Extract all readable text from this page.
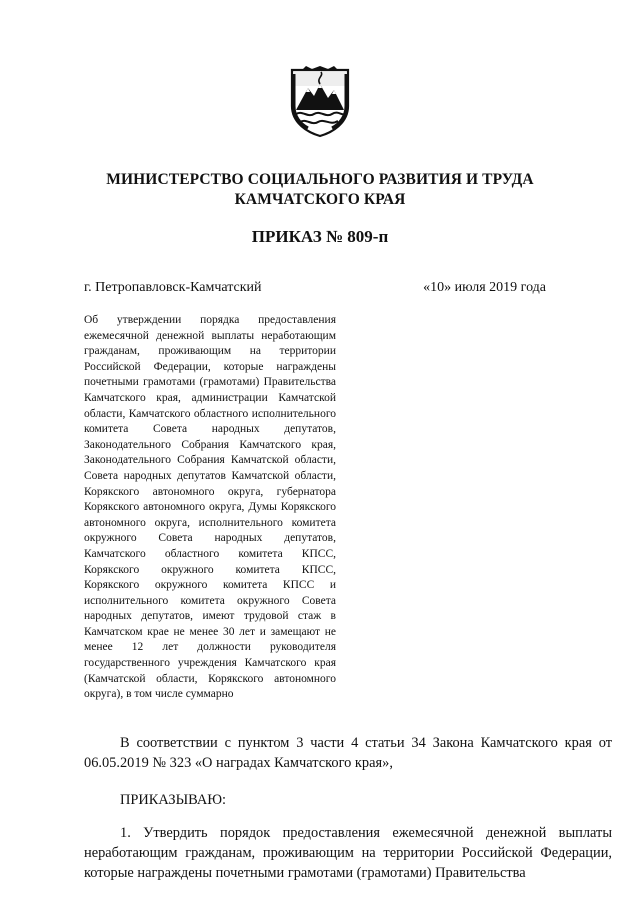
МИНИСТЕРСТВО СОЦИАЛЬНОГО РАЗВИТИЯ И ТРУДА
КАМЧАТСКОГО КРАЯ
ПРИКАЗ № 809-п
г. Петропавловск-Камчатский	«10» июля 2019 года

Об утверждении порядка предоставления ежемесячной денежной выплаты неработающим гражданам, проживающим на территории Российской Федерации, которые награждены почетными грамотами (грамотами) Правительства Камчатского края, администрации Камчатской области, Камчатского областного исполнительного комитета Совета народных депутатов, Законодательного Собрания Камчатского края, Законодательного Собрания Камчатской области, Совета народных депутатов Камчатской области, Корякского автономного округа, губернатора Корякского автономного округа, Думы Корякского автономного округа, исполнительного комитета окружного Совета народных депутатов, Камчатского областного комитета КПСС, Корякского окружного комитета КПСС, Корякского окружного комитета КПСС и исполнительного комитета окружного Совета народных депутатов, имеют трудовой стаж в Камчатском крае не менее 30 лет и замещают не менее 12 лет должности руководителя государственного учреждения Камчатского края (Камчатской области, Корякского автономного округа), в том числе суммарно

В соответствии с пунктом 3 части 4 статьи 34 Закона Камчатского края от 06.05.2019 № 323 «О наградах Камчатского края»,

ПРИКАЗЫВАЮ:

1. Утвердить порядок предоставления ежемесячной денежной выплаты неработающим гражданам, проживающим на территории Российской Федерации, которые награждены почетными грамотами (грамотами) Правительства
